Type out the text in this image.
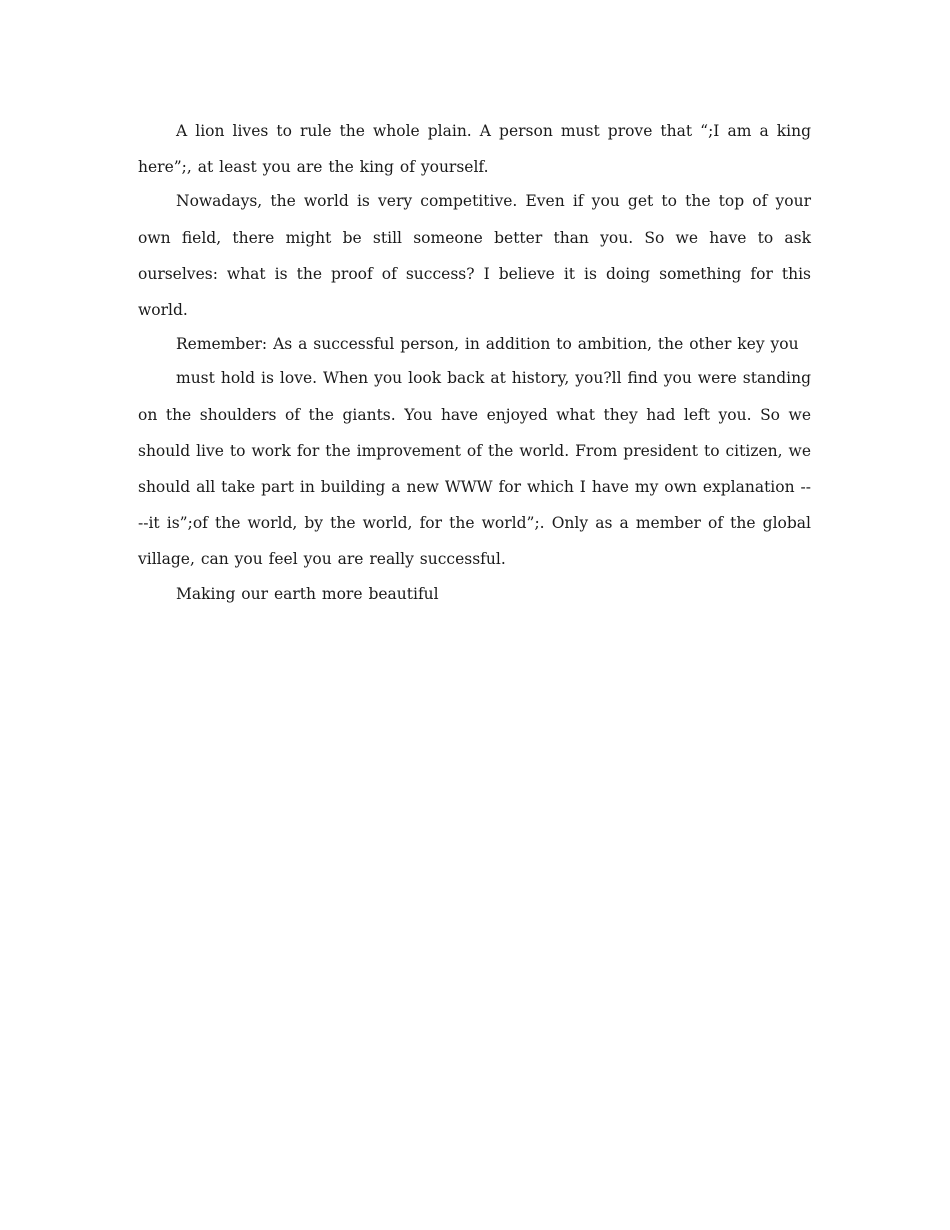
A lion lives to rule the whole plain. A person must prove that “;I am a king here”;, at least you are the king of yourself.

Nowadays, the world is very competitive. Even if you get to the top of your own field, there might be still someone better than you. So we have to ask ourselves: what is the proof of success? I believe it is doing something for this world.

Remember: As a successful person, in addition to ambition, the other key you

must hold is love. When you look back at history, you?ll find you were standing on the shoulders of the giants. You have enjoyed what they had left you. So we should live to work for the improvement of the world. From president to citizen, we should all take part in building a new WWW for which I have my own explanation ----it is”;of the world, by the world, for the world”;. Only as a member of the global village, can you feel you are really successful.

Making our earth more beautiful
